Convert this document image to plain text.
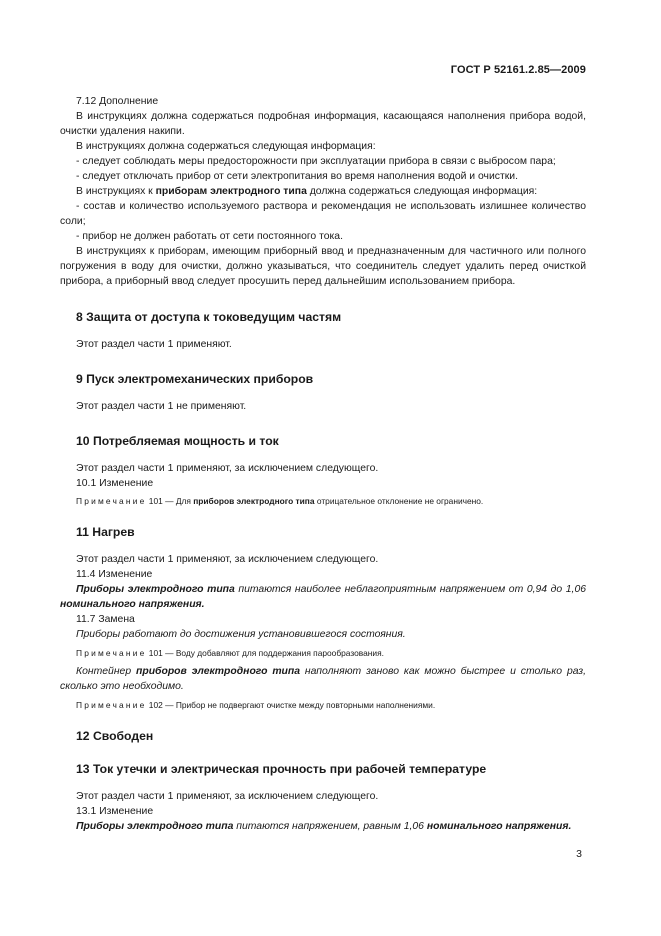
ГОСТ Р 52161.2.85—2009

7.12 Дополнение

В инструкциях должна содержаться подробная информация, касающаяся наполнения прибора водой, очистки удаления накипи.

В инструкциях должна содержаться следующая информация:

- следует соблюдать меры предосторожности при эксплуатации прибора в связи с выбросом пара;

- следует отключать прибор от сети электропитания во время наполнения водой и очистки.

В инструкциях к приборам электродного типа должна содержаться следующая информация:

- состав и количество используемого раствора и рекомендация не использовать излишнее количество соли;

- прибор не должен работать от сети постоянного тока.

В инструкциях к приборам, имеющим приборный ввод и предназначенным для частичного или полного погружения в воду для очистки, должно указываться, что соединитель следует удалить перед очисткой прибора, а приборный ввод следует просушить перед дальнейшим использованием прибора.

8 Защита от доступа к токоведущим частям

Этот раздел части 1 применяют.

9 Пуск электромеханических приборов

Этот раздел части 1 не применяют.

10 Потребляемая мощность и ток

Этот раздел части 1 применяют, за исключением следующего.

10.1 Изменение

Примечание 101 — Для приборов электродного типа отрицательное отклонение не ограничено.

11 Нагрев

Этот раздел части 1 применяют, за исключением следующего.

11.4 Изменение

Приборы электродного типа питаются наиболее неблагоприятным напряжением от 0,94 до 1,06 номинального напряжения.

11.7 Замена

Приборы работают до достижения установившегося состояния.

Примечание 101 — Воду добавляют для поддержания парообразования.

Контейнер приборов электродного типа наполняют заново как можно быстрее и столько раз, сколько это необходимо.

Примечание 102 — Прибор не подвергают очистке между повторными наполнениями.

12 Свободен

13 Ток утечки и электрическая прочность при рабочей температуре

Этот раздел части 1 применяют, за исключением следующего.

13.1 Изменение

Приборы электродного типа питаются напряжением, равным 1,06 номинального напряжения.

3
